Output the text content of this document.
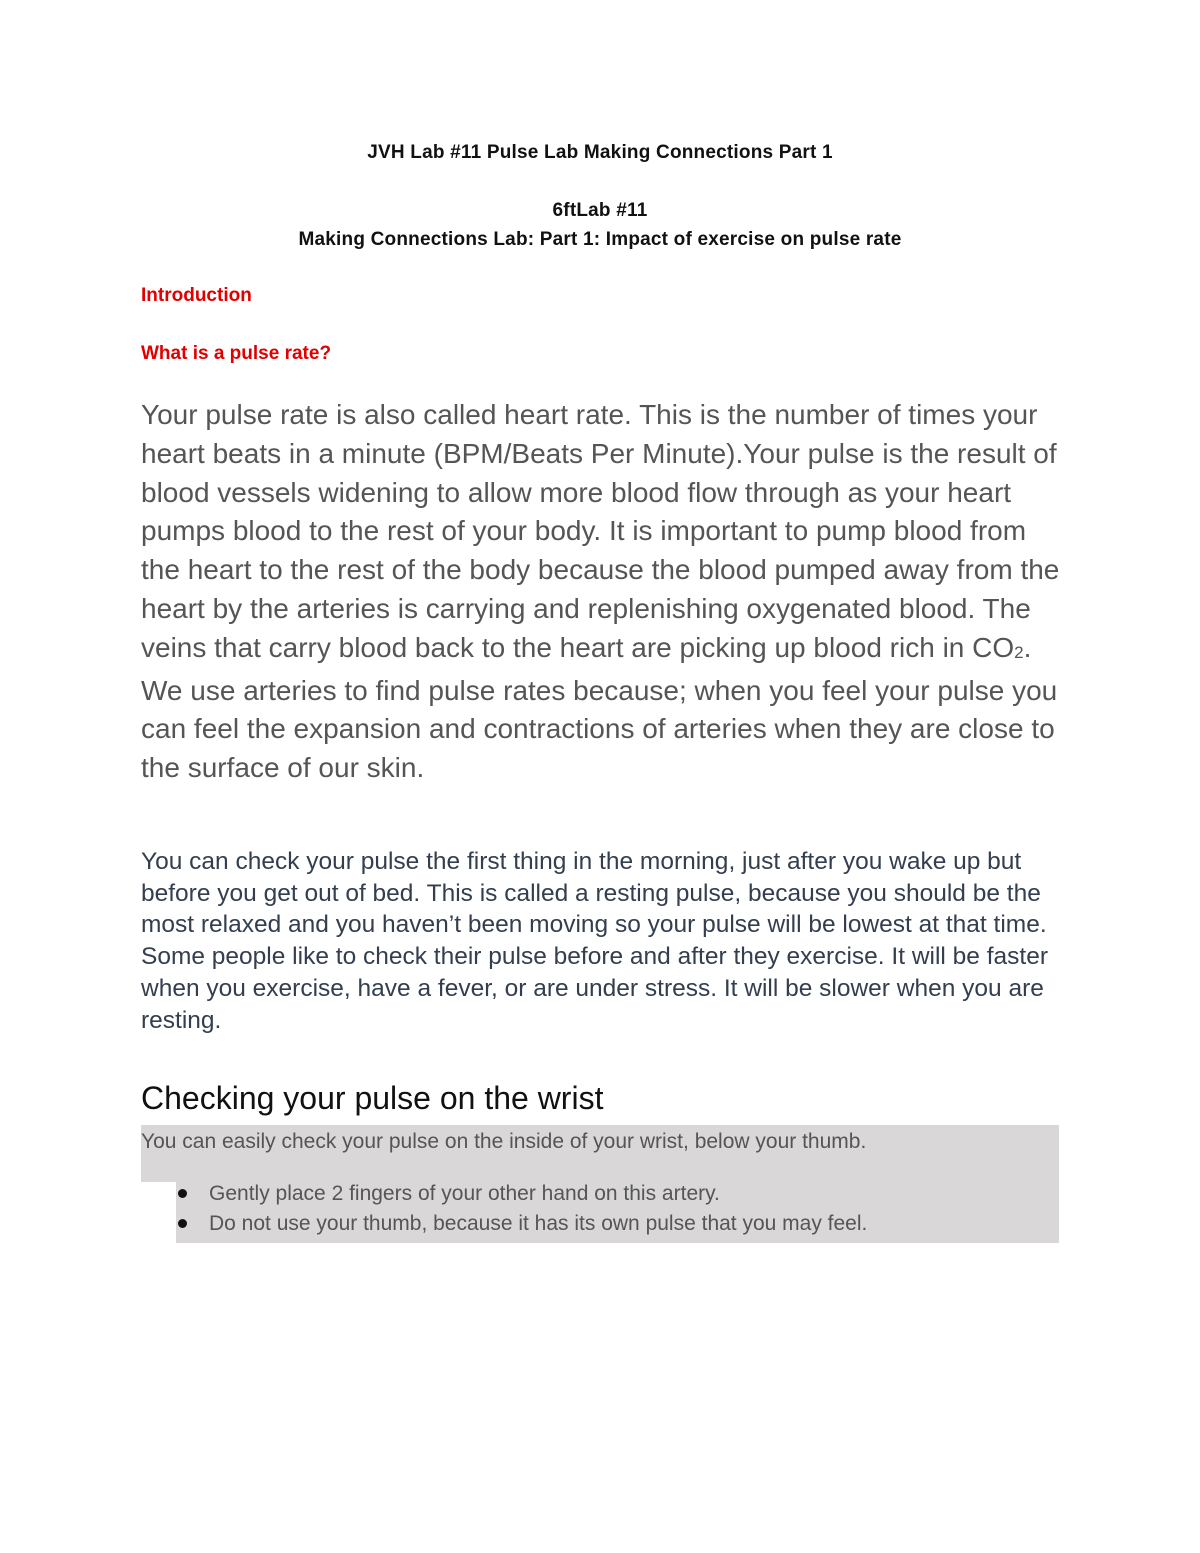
JVH Lab #11 Pulse Lab Making Connections Part 1
6ftLab #11
Making Connections Lab: Part 1: Impact of exercise on pulse rate
Introduction
What is a pulse rate?

Your pulse rate is also called heart rate. This is the number of times your heart beats in a minute (BPM/Beats Per Minute).Your pulse is the result of blood vessels widening to allow more blood flow through as your heart pumps blood to the rest of your body. It is important to pump blood from the heart to the rest of the body because the blood pumped away from the heart by the arteries is carrying and replenishing oxygenated blood. The veins that carry blood back to the heart are picking up blood rich in $CO_2$. We use arteries to find pulse rates because; when you feel your pulse you can feel the expansion and contractions of arteries when they are close to the surface of our skin.

You can check your pulse the first thing in the morning, just after you wake up but before you get out of bed. This is called a resting pulse, because you should be the most relaxed and you haven’t been moving so your pulse will be lowest at that time. Some people like to check their pulse before and after they exercise. It will be faster when you exercise, have a fever, or are under stress. It will be slower when you are resting.

Checking your pulse on the wrist
You can easily check your pulse on the inside of your wrist, below your thumb.
Gently place 2 fingers of your other hand on this artery.
Do not use your thumb, because it has its own pulse that you may feel.
